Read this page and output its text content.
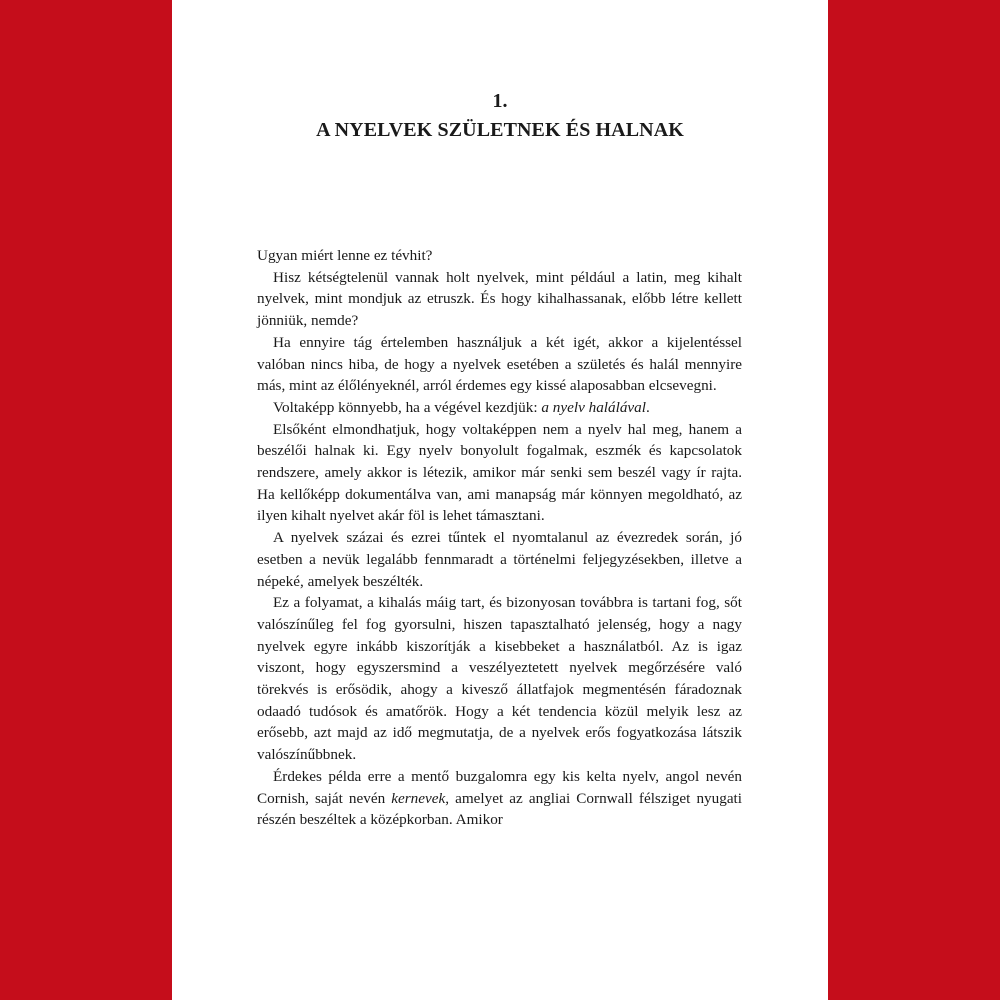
1.
A NYELVEK SZÜLETNEK ÉS HALNAK

Ugyan miért lenne ez tévhit?

Hisz kétségtelenül vannak holt nyelvek, mint például a latin, meg kihalt nyelvek, mint mondjuk az etruszk. És hogy kihalhassanak, előbb létre kellett jönniük, nemde?

Ha ennyire tág értelemben használjuk a két igét, akkor a kijelentéssel valóban nincs hiba, de hogy a nyelvek esetében a születés és halál mennyire más, mint az élőlényeknél, arról érdemes egy kissé alaposabban elcsevegni.

Voltaképp könnyebb, ha a végével kezdjük: a nyelv halálával.

Elsőként elmondhatjuk, hogy voltaképpen nem a nyelv hal meg, hanem a beszélői halnak ki. Egy nyelv bonyolult fogalmak, eszmék és kapcsolatok rendszere, amely akkor is létezik, amikor már senki sem beszél vagy ír rajta. Ha kellőképp dokumentálva van, ami manapság már könnyen megoldható, az ilyen kihalt nyelvet akár föl is lehet támasztani.

A nyelvek százai és ezrei tűntek el nyomtalanul az évezredek során, jó esetben a nevük legalább fennmaradt a történelmi feljegyzésekben, illetve a népeké, amelyek beszélték.

Ez a folyamat, a kihalás máig tart, és bizonyosan továbbra is tartani fog, sőt valószínűleg fel fog gyorsulni, hiszen tapasztalható jelenség, hogy a nagy nyelvek egyre inkább kiszorítják a kisebbeket a használatból. Az is igaz viszont, hogy egyszersmind a veszélyeztetett nyelvek megőrzésére való törekvés is erősödik, ahogy a kivesző állatfajok megmentésén fáradoznak odaadó tudósok és amatőrök. Hogy a két tendencia közül melyik lesz az erősebb, azt majd az idő megmutatja, de a nyelvek erős fogyatkozása látszik valószínűbbnek.

Érdekes példa erre a mentő buzgalomra egy kis kelta nyelv, angol nevén Cornish, saját nevén kernevek, amelyet az angliai Cornwall félsziget nyugati részén beszéltek a középkorban. Amikor
